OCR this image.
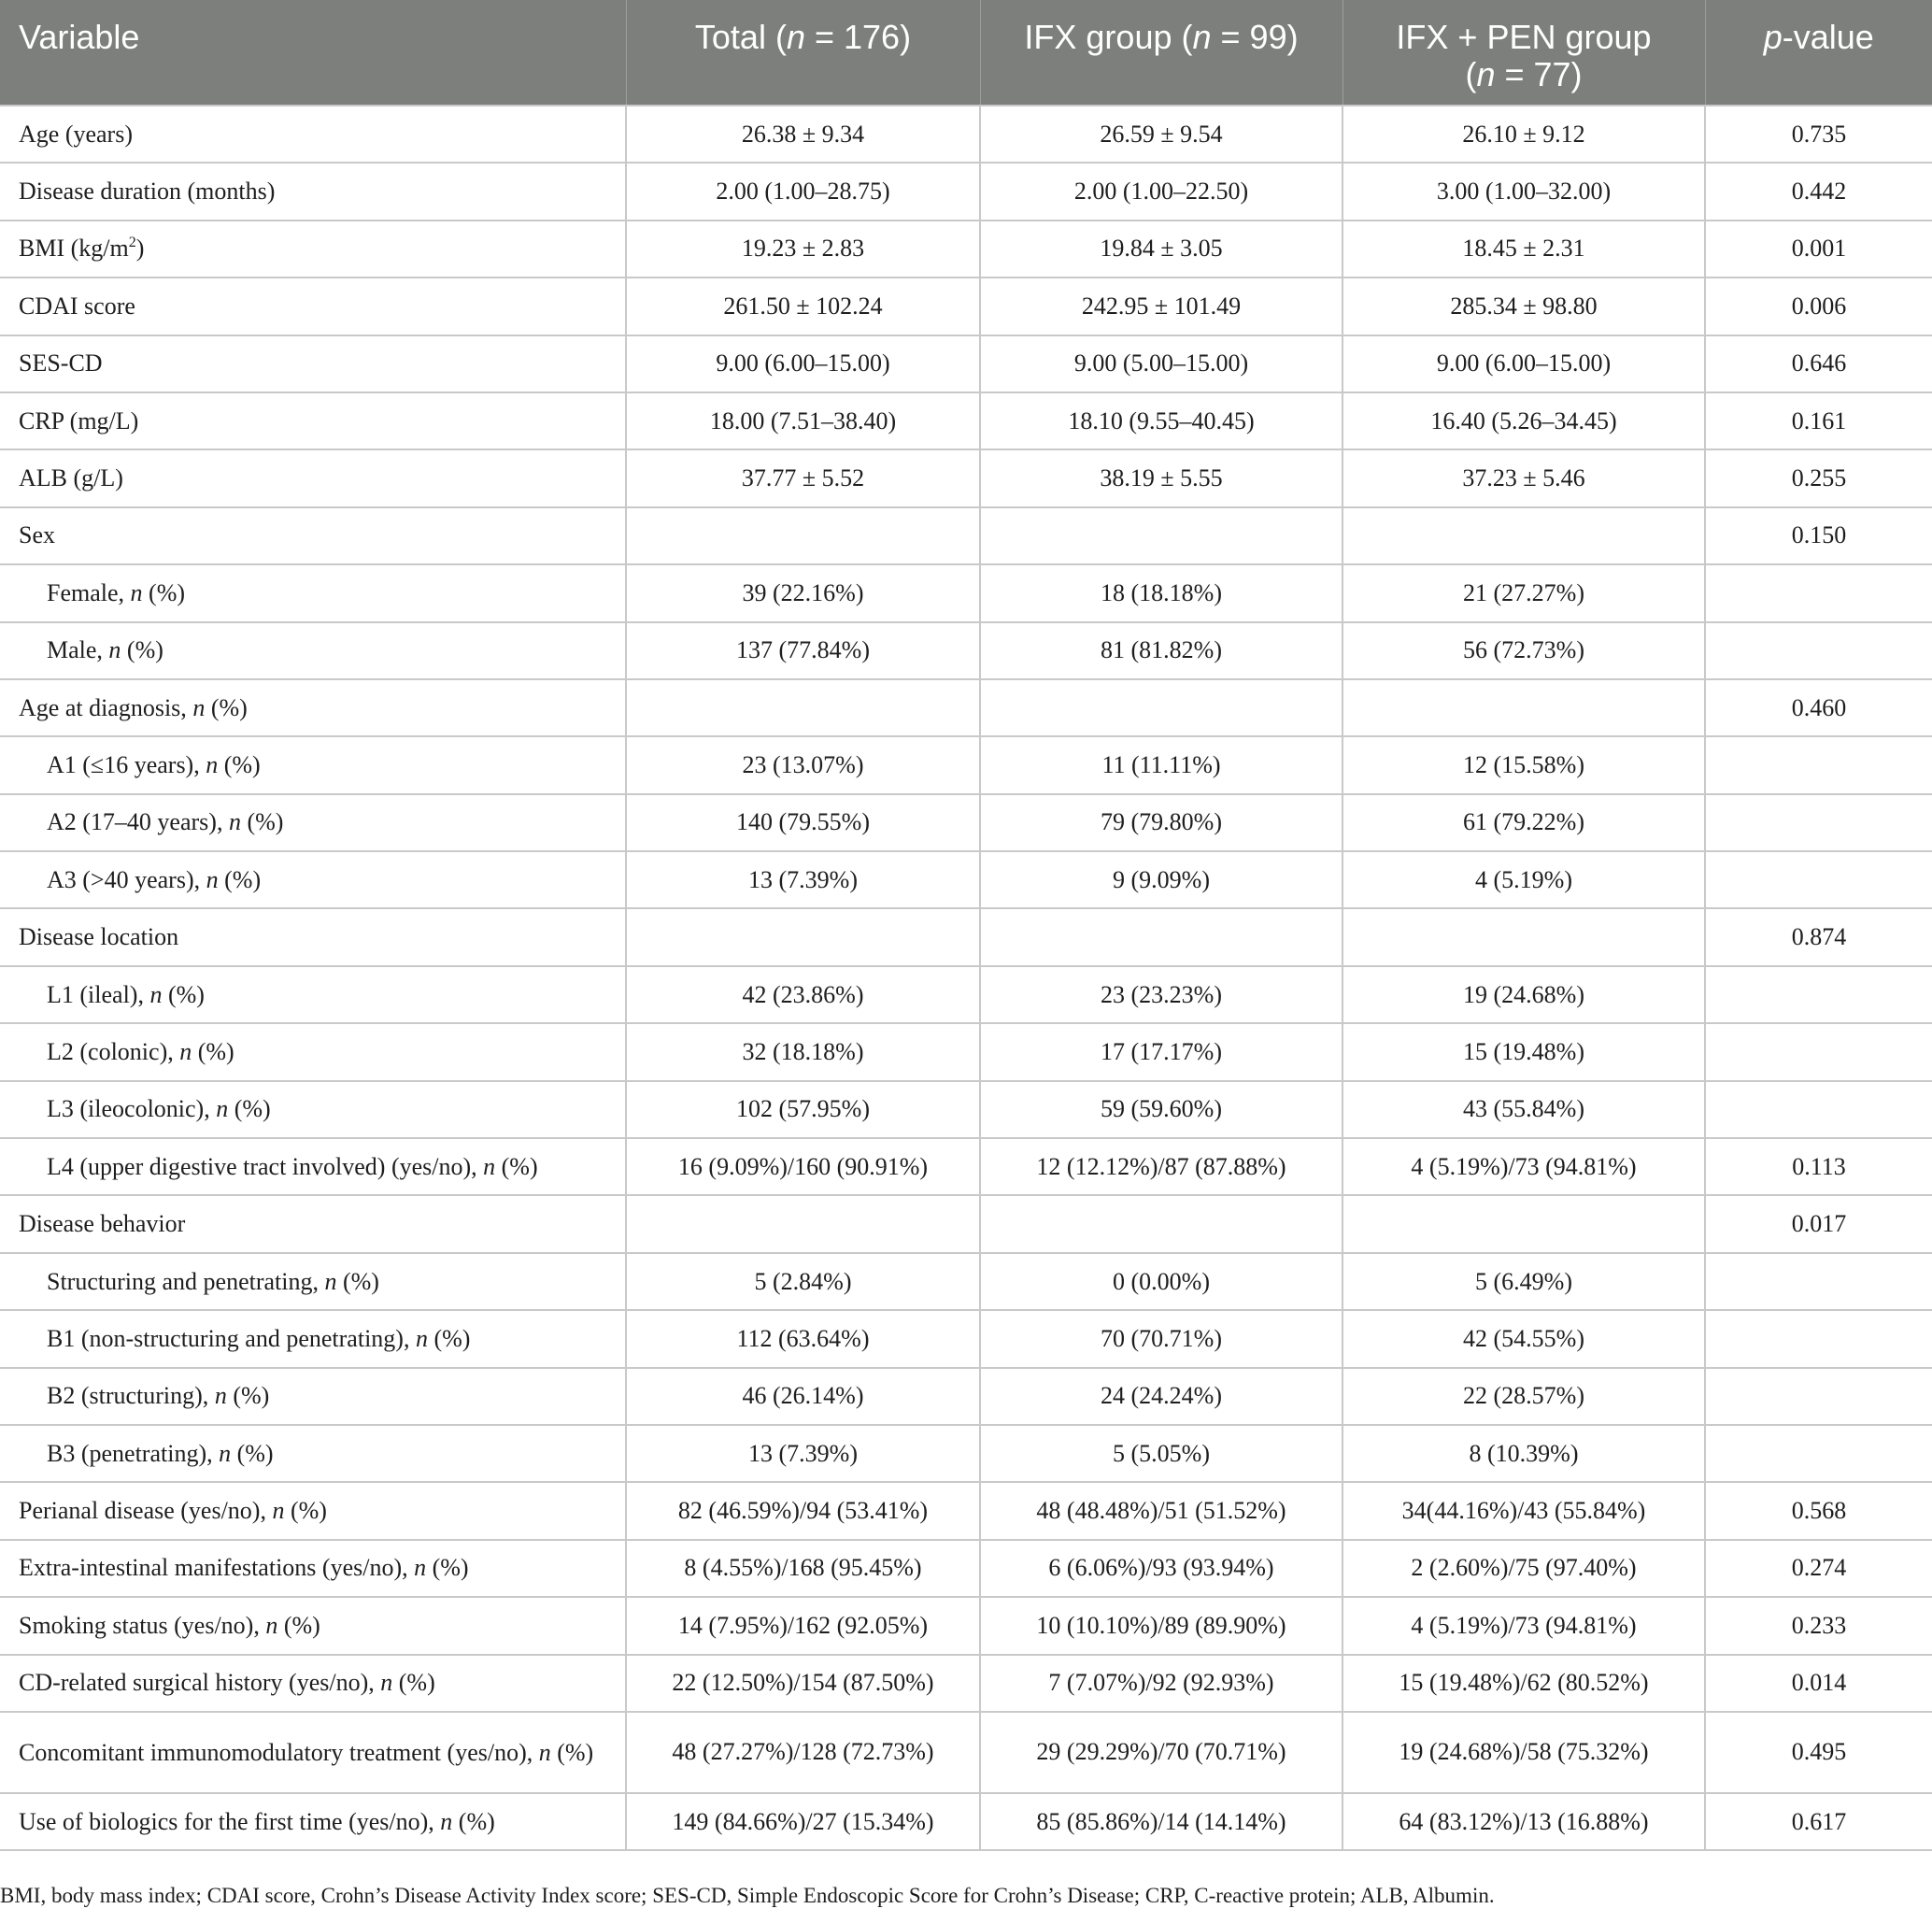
Variable	Total (n = 176)	IFX group (n = 99)	IFX + PEN group
(n = 77)	p-value

Age (years)	26.38 ± 9.34	26.59 ± 9.54	26.10 ± 9.12	0.735
Disease duration (months)	2.00 (1.00–28.75)	2.00 (1.00–22.50)	3.00 (1.00–32.00)	0.442
BMI $(kg/m^2)$	19.23 ± 2.83	19.84 ± 3.05	18.45 ± 2.31	0.001
CDAI score	261.50 ± 102.24	242.95 ± 101.49	285.34 ± 98.80	0.006
SES-CD	9.00 (6.00–15.00)	9.00 (5.00–15.00)	9.00 (6.00–15.00)	0.646
CRP (mg/L)	18.00 (7.51–38.40)	18.10 (9.55–40.45)	16.40 (5.26–34.45)	0.161
ALB (g/L)	37.77 ± 5.52	38.19 ± 5.55	37.23 ± 5.46	0.255
Sex				0.150
Female, n (%)	39 (22.16%)	18 (18.18%)	21 (27.27%)	
Male, n (%)	137 (77.84%)	81 (81.82%)	56 (72.73%)	
Age at diagnosis, n (%)				0.460
A1 (≤16 years), n (%)	23 (13.07%)	11 (11.11%)	12 (15.58%)	
A2 (17–40 years), n (%)	140 (79.55%)	79 (79.80%)	61 (79.22%)	
A3 (>40 years), n (%)	13 (7.39%)	9 (9.09%)	4 (5.19%)	
Disease location				0.874
L1 (ileal), n (%)	42 (23.86%)	23 (23.23%)	19 (24.68%)	
L2 (colonic), n (%)	32 (18.18%)	17 (17.17%)	15 (19.48%)	
L3 (ileocolonic), n (%)	102 (57.95%)	59 (59.60%)	43 (55.84%)	
L4 (upper digestive tract involved) (yes/no), n (%)	16 (9.09%)/160 (90.91%)	12 (12.12%)/87 (87.88%)	4 (5.19%)/73 (94.81%)	0.113
Disease behavior				0.017
Structuring and penetrating, n (%)	5 (2.84%)	0 (0.00%)	5 (6.49%)	
B1 (non-structuring and penetrating), n (%)	112 (63.64%)	70 (70.71%)	42 (54.55%)	
B2 (structuring), n (%)	46 (26.14%)	24 (24.24%)	22 (28.57%)	
B3 (penetrating), n (%)	13 (7.39%)	5 (5.05%)	8 (10.39%)	
Perianal disease (yes/no), n (%)	82 (46.59%)/94 (53.41%)	48 (48.48%)/51 (51.52%)	34(44.16%)/43 (55.84%)	0.568
Extra-intestinal manifestations (yes/no), n (%)	8 (4.55%)/168 (95.45%)	6 (6.06%)/93 (93.94%)	2 (2.60%)/75 (97.40%)	0.274
Smoking status (yes/no), n (%)	14 (7.95%)/162 (92.05%)	10 (10.10%)/89 (89.90%)	4 (5.19%)/73 (94.81%)	0.233
CD-related surgical history (yes/no), n (%)	22 (12.50%)/154 (87.50%)	7 (7.07%)/92 (92.93%)	15 (19.48%)/62 (80.52%)	0.014
Concomitant immunomodulatory treatment (yes/no), n (%)	48 (27.27%)/128 (72.73%)	29 (29.29%)/70 (70.71%)	19 (24.68%)/58 (75.32%)	0.495
Use of biologics for the first time (yes/no), n (%)	149 (84.66%)/27 (15.34%)	85 (85.86%)/14 (14.14%)	64 (83.12%)/13 (16.88%)	0.617
BMI, body mass index; CDAI score, Crohn’s Disease Activity Index score; SES-CD, Simple Endoscopic Score for Crohn’s Disease; CRP, C-reactive protein; ALB, Albumin.
